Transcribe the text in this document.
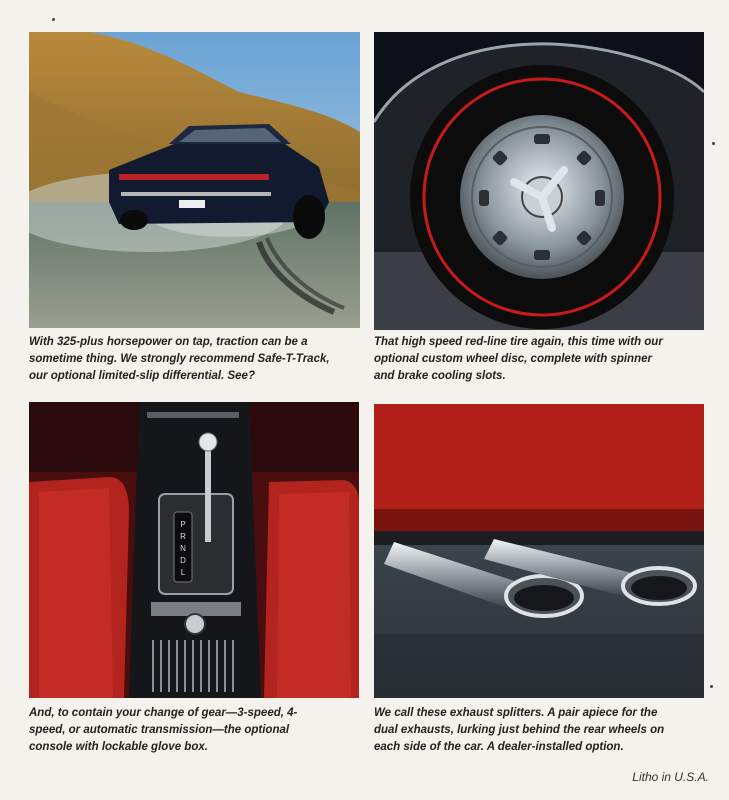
With 325-plus horsepower on tap, traction can be a sometime thing. We strongly recommend Safe-T-Track, our optional limited-slip differential. See?

That high speed red-line tire again, this time with our optional custom wheel disc, complete with spinner and brake cooling slots.

P
R
N
D
L

And, to contain your change of gear—3-speed, 4-speed, or automatic transmission—the optional console with lockable glove box.

We call these exhaust splitters. A pair apiece for the dual exhausts, lurking just behind the rear wheels on each side of the car. A dealer-installed option.

Litho in U.S.A.
